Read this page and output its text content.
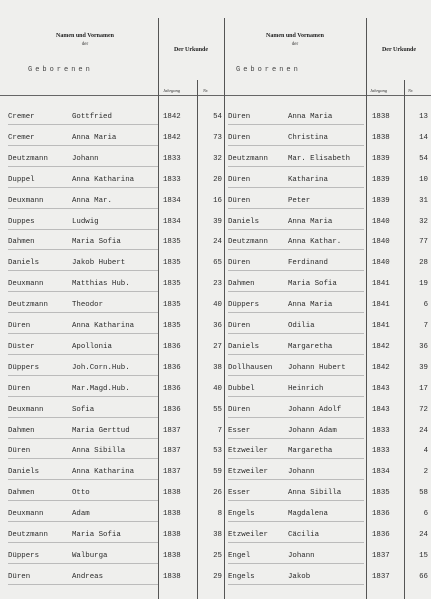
Namen und Vornamen
der
Geborenen
Der Urkunde
Jahrgang	Nr.
Namen und Vornamen
der
Geborenen
Der Urkunde
Jahrgang	Nr.
Cremer	Gottfried	1842	54 Düren	Anna Maria	1838	13
Cremer	Anna Maria	1842	73 Düren	Christina	1838	14
Deutzmann	Johann	1833	32 Deutzmann	Mar. Elisabeth	1839	54
Duppel	Anna Katharina	1833	20 Düren	Katharina	1839	10
Deuxmann	Anna Mar.	1834	16 Düren	Peter	1839	31
Duppes	Ludwig	1834	39 Daniels	Anna Maria	1840	32
Dahmen	Maria Sofia	1835	24 Deutzmann	Anna Kathar.	1840	77
Daniels	Jakob Hubert	1835	65 Düren	Ferdinand	1840	28
Deuxmann	Matthias Hub.	1835	23 Dahmen	Maria Sofia	1841	19
Deutzmann	Theodor	1835	40 Düppers	Anna Maria	1841	6
Düren	Anna Katharina	1835	36 Düren	Odilia	1841	7
Düster	Apollonia	1836	27 Daniels	Margaretha	1842	36
Düppers	Joh.Corn.Hub.	1836	38 Dollhausen Johann Hubert	1842	39
Düren	Mar.Magd.Hub.	1836	40 Dubbel	Heinrich	1843	17
Deuxmann	Sofia	1836	55 Düren	Johann Adolf	1843	72
Dahmen	Maria Gerttud	1837	7 Esser	Johann Adam	1833	24
Düren	Anna Sibilla	1837	53 Etzweiler	Margaretha	1833	4
Daniels	Anna Katharina	1837	59 Etzweiler	Johann	1834	2
Dahmen	Otto	1838	26 Esser	Anna Sibilla	1835	58
Deuxmann	Adam	1838	8 Engels	Magdalena	1836	6
Deutzmann	Maria Sofia	1838	38 Etzweiler	Cäcilia	1836	24
Düppers	Walburga	1838	25 Engel	Johann	1837	15
Düren	Andreas	1838	29 Engels	Jakob	1837	66
